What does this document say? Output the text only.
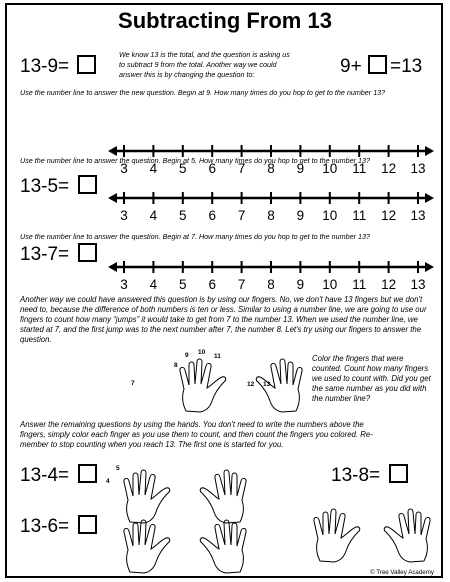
Subtracting From 13
13-9=
We know 13 is the total, and the question is asking us
to subtract 9 from the total. Another way we could
answer this is by changing the question to:	9+ =13
Use the number line to answer the new question. Begin at 9. How many times do you hop to get to the number 13?
3 4 5 6 7 8 9 10 11 12 13
Use the number line to answer the question. Begin at 5. How many times do you hop to get to the number 13?
13-5=
3 4 5 6 7 8 9 10 11 12 13
Use the number line to answer the question. Begin at 7. How many times do you hop to get to the number 13?
13-7=
3 4 5 6 7 8 9 10 11 12 13
Another way we could have answered this question is by using our fingers. No, we don't have 13 fingers but we don't
need to, because the difference of both numbers is ten or less. Similar to using a number line, we are going to use our
fingers to count how many “jumps” it would take to get from 7 to the number 13. When we used the number line, we
started at 7, and the first jump was to the next number after 7, the number 8. Let's try using our fingers to answer the
question.
7
8
9 10
11
12 13
Color the fingers that were
counted. Count how many fingers
we used to count with. Did you get
the same number as you did with
the number line?
Answer the remaining questions by using the hands. You don't need to write the numbers above the
fingers, simply color each finger as you use them to count, and then count the fingers you colored. Re-
member to stop counting when you reach 13. The first one is started for you.
13-4=	5
4	13-8=
13-6=
© Tree Valley Academy
